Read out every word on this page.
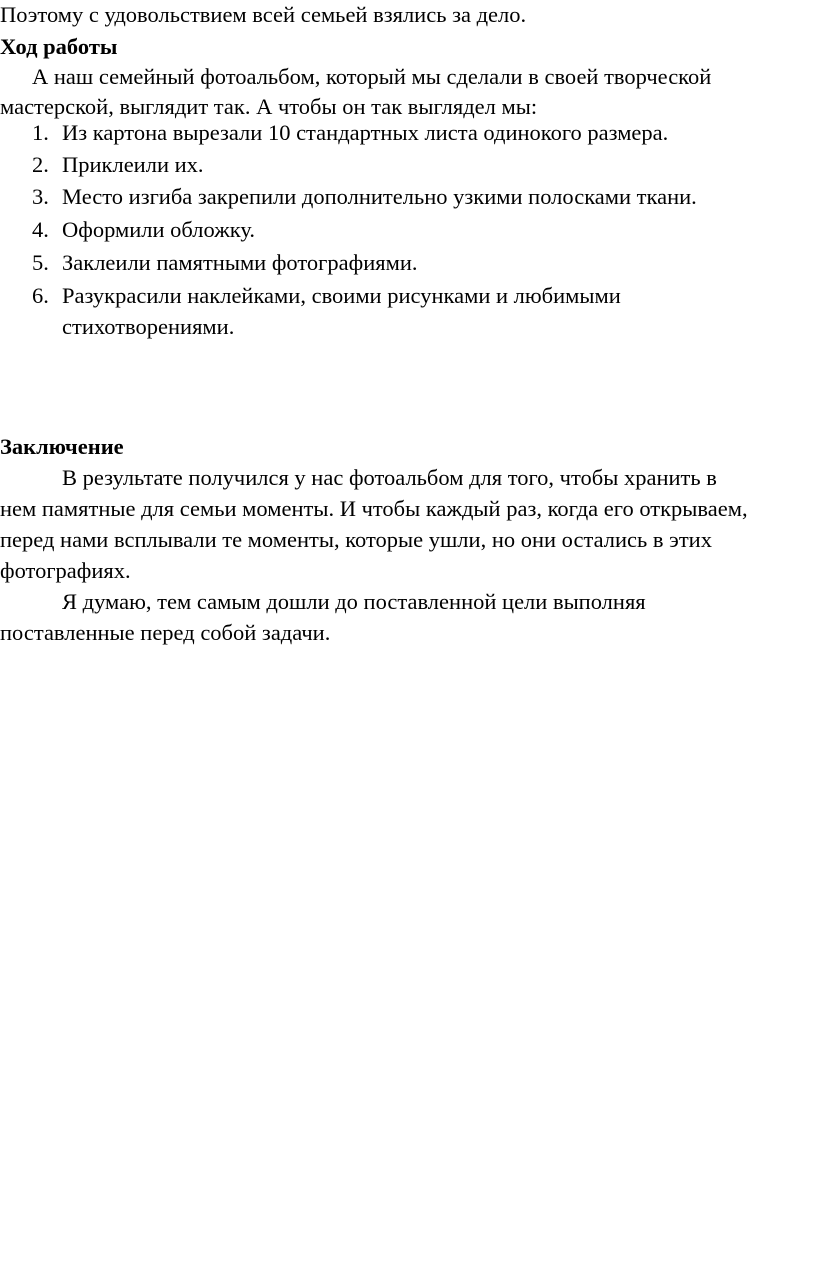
Поэтому с удовольствием всей семьей взялись за дело.
Ход работы
А наш семейный фотоальбом, который мы сделали в своей творческой
мастерской, выглядит так. А чтобы он так выглядел мы:
1. Из картона вырезали 10 стандартных листа одинокого размера.
2. Приклеили их.
3. Место изгиба закрепили дополнительно узкими полосками ткани.
4. Оформили обложку.
5. Заклеили памятными фотографиями.
6. Разукрасили наклейками, своими рисунками и любимыми
стихотворениями.
Заключение
В результате получился у нас фотоальбом для того, чтобы хранить в
нем памятные для семьи моменты. И чтобы каждый раз, когда его открываем,
перед нами всплывали те моменты, которые ушли, но они остались в этих
фотографиях.
Я думаю, тем самым дошли до поставленной цели выполняя
поставленные перед собой задачи.
